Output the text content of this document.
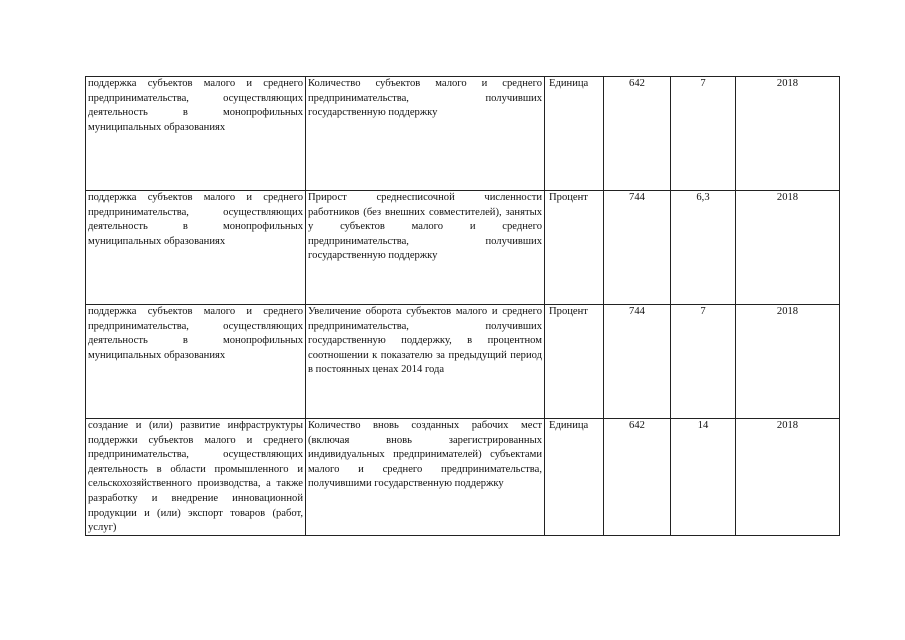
поддержка субъектов малого и среднего предпринимательства, осуществляющих деятельность в монопрофильных муниципальных образованиях	Количество субъектов малого и среднего предпринимательства, получивших государственную поддержку	Единица	642	7	2018

поддержка субъектов малого и среднего предпринимательства, осуществляющих деятельность в монопрофильных муниципальных образованиях	Прирост среднесписочной численности работников (без внешних совместителей), занятых у субъектов малого и среднего предпринимательства, получивших государственную поддержку	Процент	744	6,3	2018

поддержка субъектов малого и среднего предпринимательства, осуществляющих деятельность в монопрофильных муниципальных образованиях	Увеличение оборота субъектов малого и среднего предпринимательства, получивших государственную поддержку, в процентном соотношении к показателю за предыдущий период в постоянных ценах 2014 года	Процент	744	7	2018

создание и (или) развитие инфраструктуры поддержки субъектов малого и среднего предпринимательства, осуществляющих деятельность в области промышленного и сельскохозяйственного производства, а также разработку и внедрение инновационной продукции и (или) экспорт товаров (работ, услуг)	Количество вновь созданных рабочих мест (включая вновь зарегистрированных индивидуальных предпринимателей) субъектами малого и среднего предпринимательства, получившими государственную поддержку	Единица	642	14	2018
